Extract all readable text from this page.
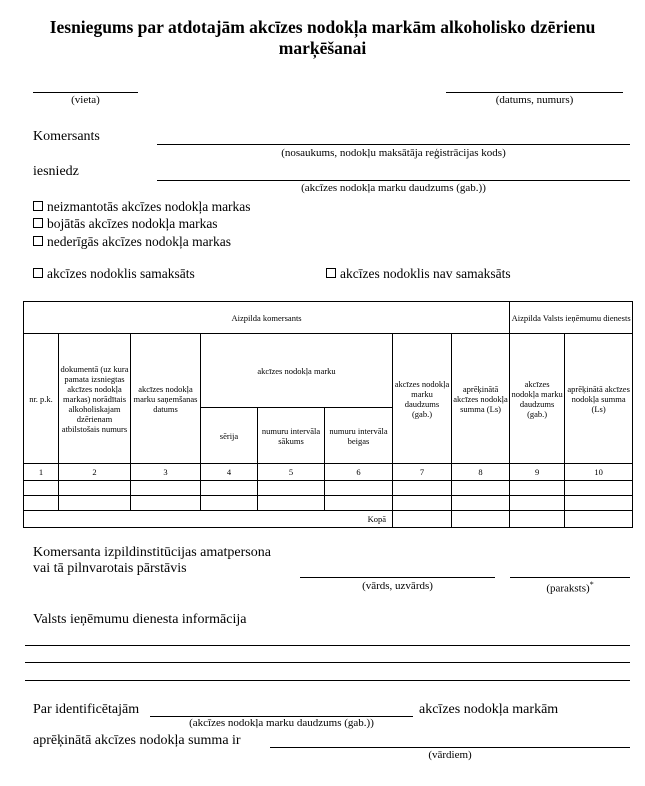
Iesniegums par atdotajām akcīzes nodokļa markām alkoholisko dzērienu
marķēšanai
(vieta)	(datums, numurs)
Komersants
(nosaukums, nodokļu maksātāja reģistrācijas kods)
iesniedz
(akcīzes nodokļa marku daudzums (gab.))
neizmantotās akcīzes nodokļa markas
bojātās akcīzes nodokļa markas
nederīgās akcīzes nodokļa markas
akcīzes nodoklis samaksāts	akcīzes nodoklis nav samaksāts
Aizpilda komersants								Aizpilda Valsts ieņēmumu dienests	
nr. p.k.	dokumentā (uz kura pamata izsniegtas akcīzes nodokļa markas) norādītais alkoholiskajam dzērienam atbilstošais numurs	akcīzes nodokļa marku saņemšanas datums	akcīzes nodokļa marku			akcīzes nodokļa marku daudzums (gab.)	aprēķinātā akcīzes nodokļa summa (Ls)	akcīzes nodokļa marku daudzums (gab.)	aprēķinātā akcīzes nodokļa summa (Ls)
			sērija	numuru intervāla sākums	numuru intervāla beigas				
1	2	3	4	5	6	7	8	9	10

Kopā									
Komersanta izpildinstitūcijas amatpersona
vai tā pilnvarotais pārstāvis
(vārds, uzvārds)	(paraksts)*
Valsts ieņēmumu dienesta informācija
Par identificētajām	akcīzes nodokļa markām
(akcīzes nodokļa marku daudzums (gab.))
aprēķinātā akcīzes nodokļa summa ir
(vārdiem)
